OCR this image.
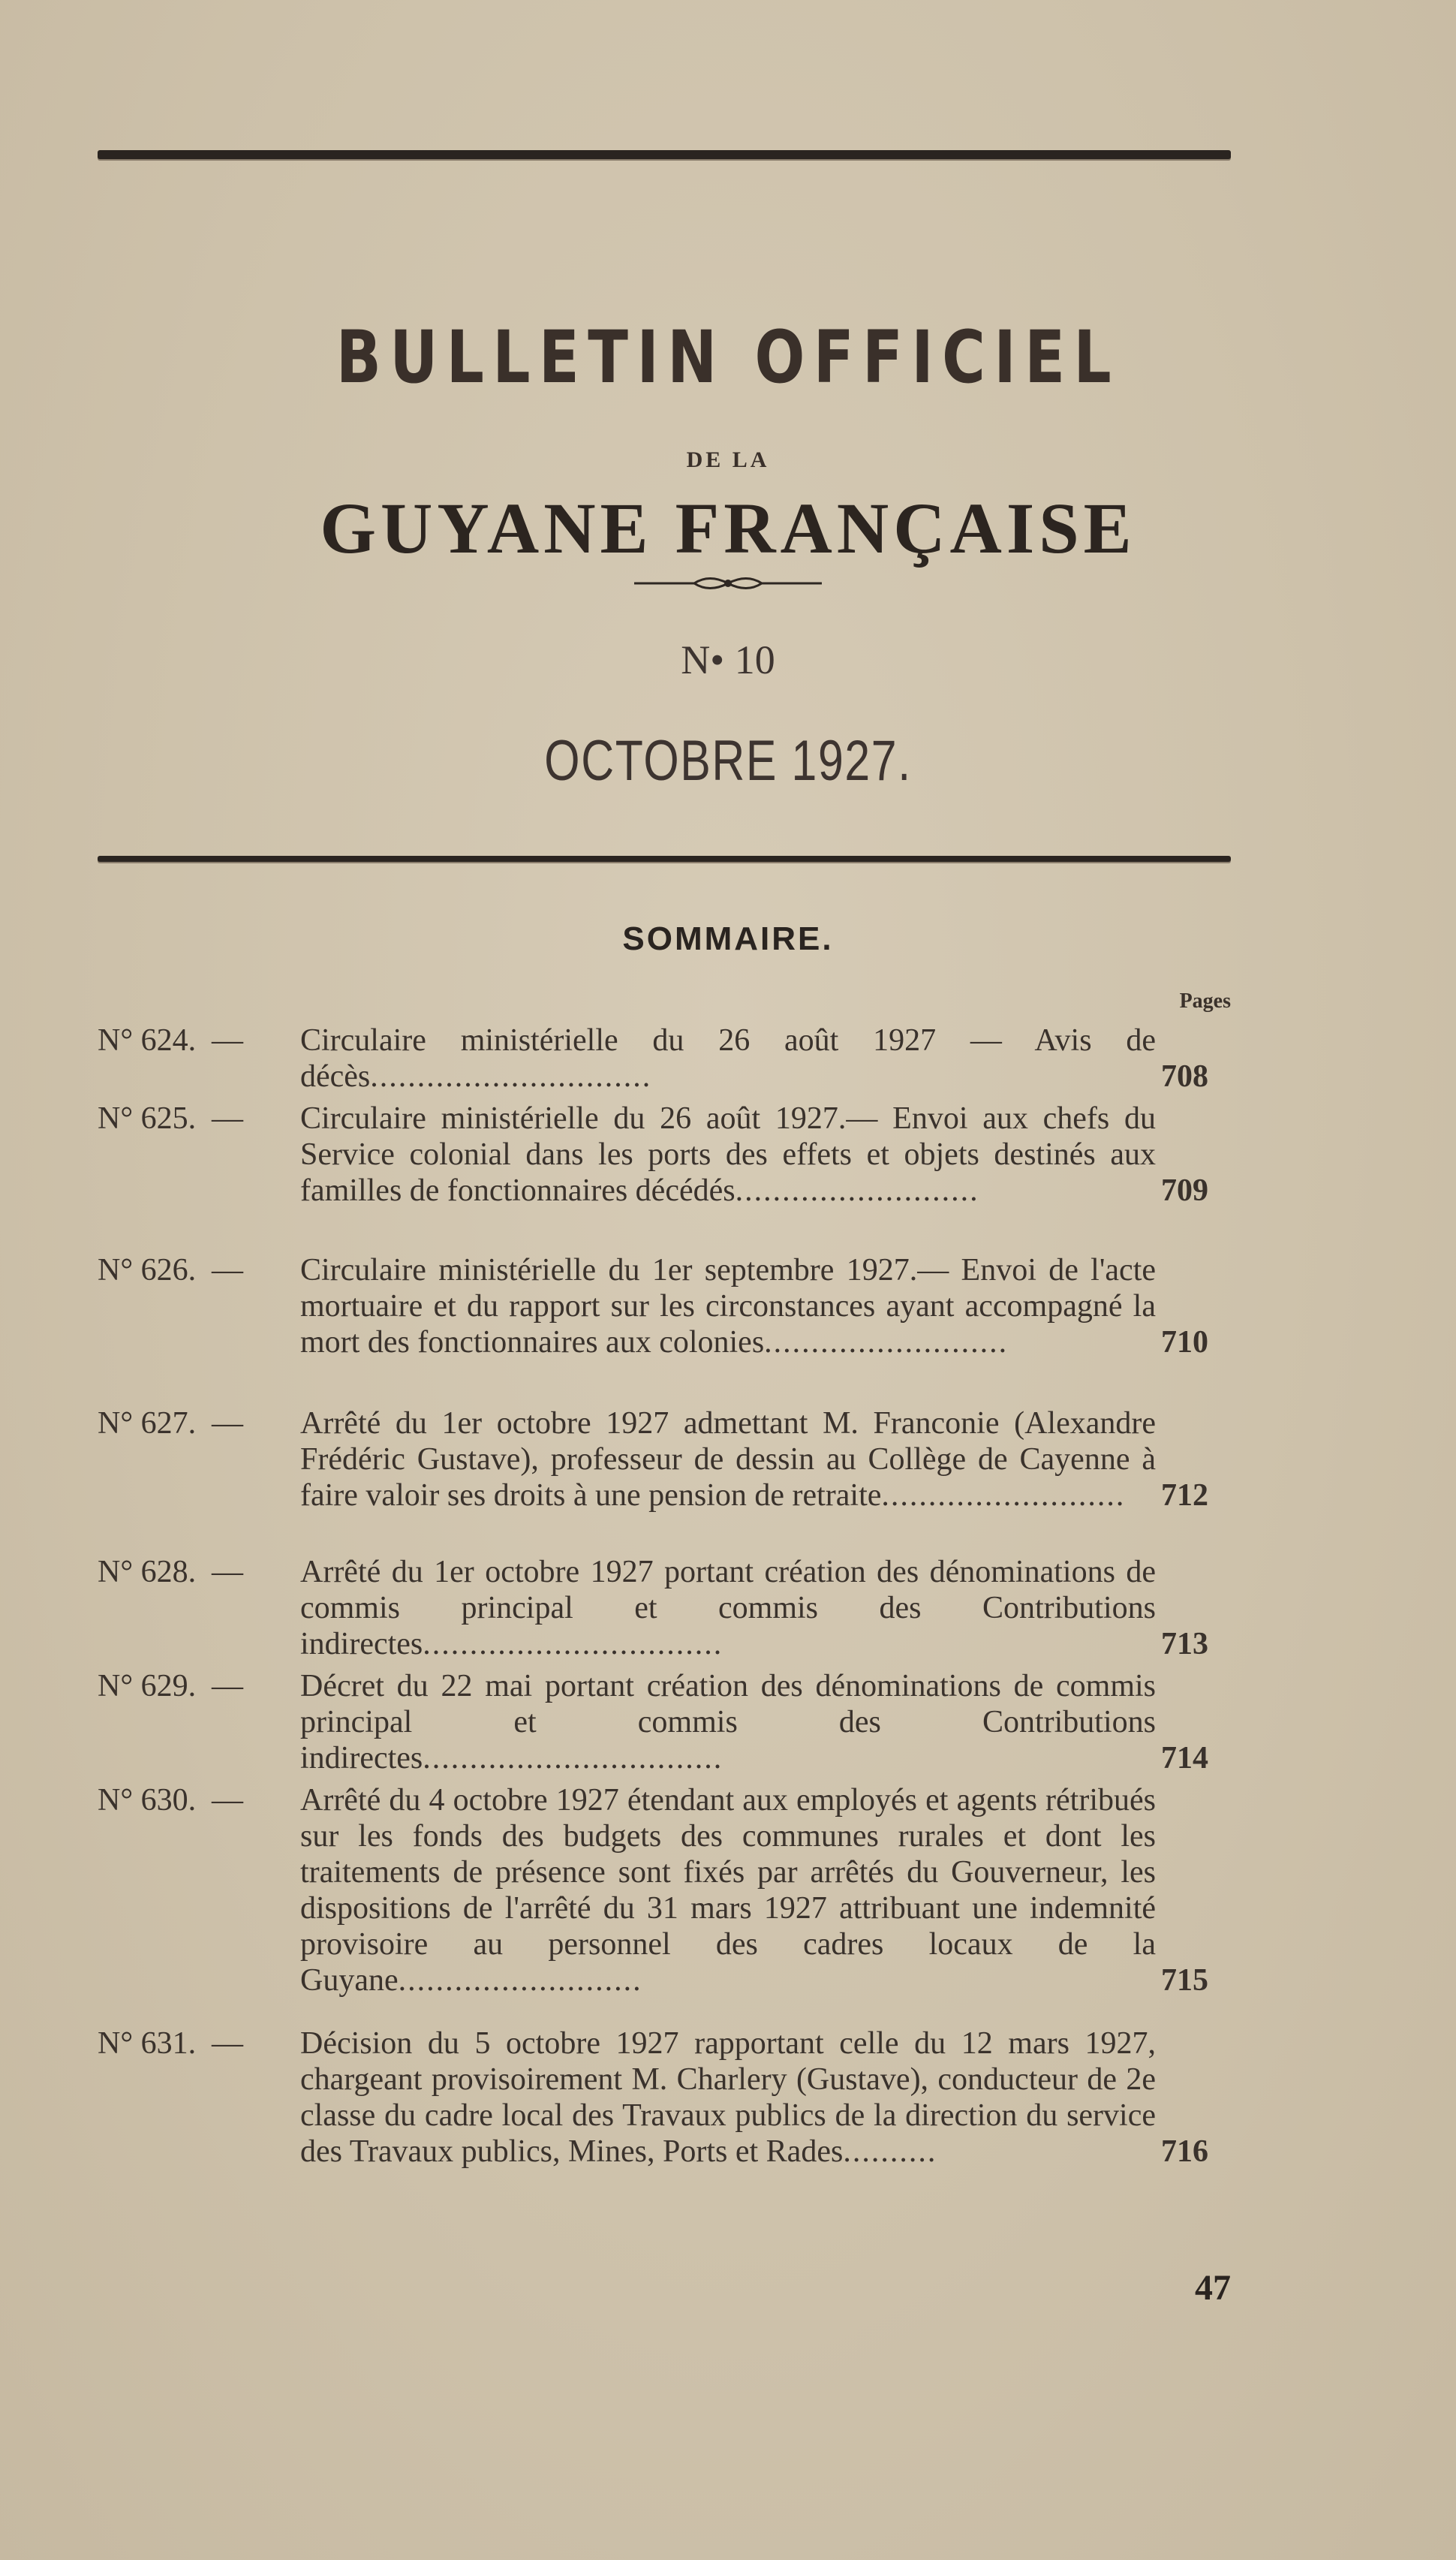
BULLETIN OFFICIEL
DE LA
GUYANE FRANÇAISE
N• 10
OCTOBRE 1927.
SOMMAIRE.
Pages
N° 624. — Circulaire ministérielle du 26 août 1927 — Avis de décès..............................	708
N° 625. — Circulaire ministérielle du 26 août 1927.— Envoi aux chefs du Service colonial dans les ports des effets et objets destinés aux familles de fonctionnaires décédés..........................	709
N° 626. — Circulaire ministérielle du 1er septembre 1927.— Envoi de l'acte mortuaire et du rapport sur les circonstances ayant accompagné la mort des fonctionnaires aux colonies..........................	710
N° 627. — Arrêté du 1er octobre 1927 admettant M. Franconie (Alexandre Frédéric Gustave), professeur de dessin au Collège de Cayenne à faire valoir ses droits à une pension de retraite..........................	712
N° 628. — Arrêté du 1er octobre 1927 portant création des dénominations de commis principal et commis des Contributions indirectes................................	713
N° 629. — Décret du 22 mai portant création des dénominations de commis principal et commis des Contributions indirectes................................	714
N° 630. — Arrêté du 4 octobre 1927 étendant aux employés et agents rétribués sur les fonds des budgets des communes rurales et dont les traitements de présence sont fixés par arrêtés du Gouverneur, les dispositions de l'arrêté du 31 mars 1927 attribuant une indemnité provisoire au personnel des cadres locaux de la Guyane..........................	715
N° 631. — Décision du 5 octobre 1927 rapportant celle du 12 mars 1927, chargeant provisoirement M. Charlery (Gustave), conducteur de 2e classe du cadre local des Travaux publics de la direction du service des Travaux publics, Mines, Ports et Rades..........	716
47
